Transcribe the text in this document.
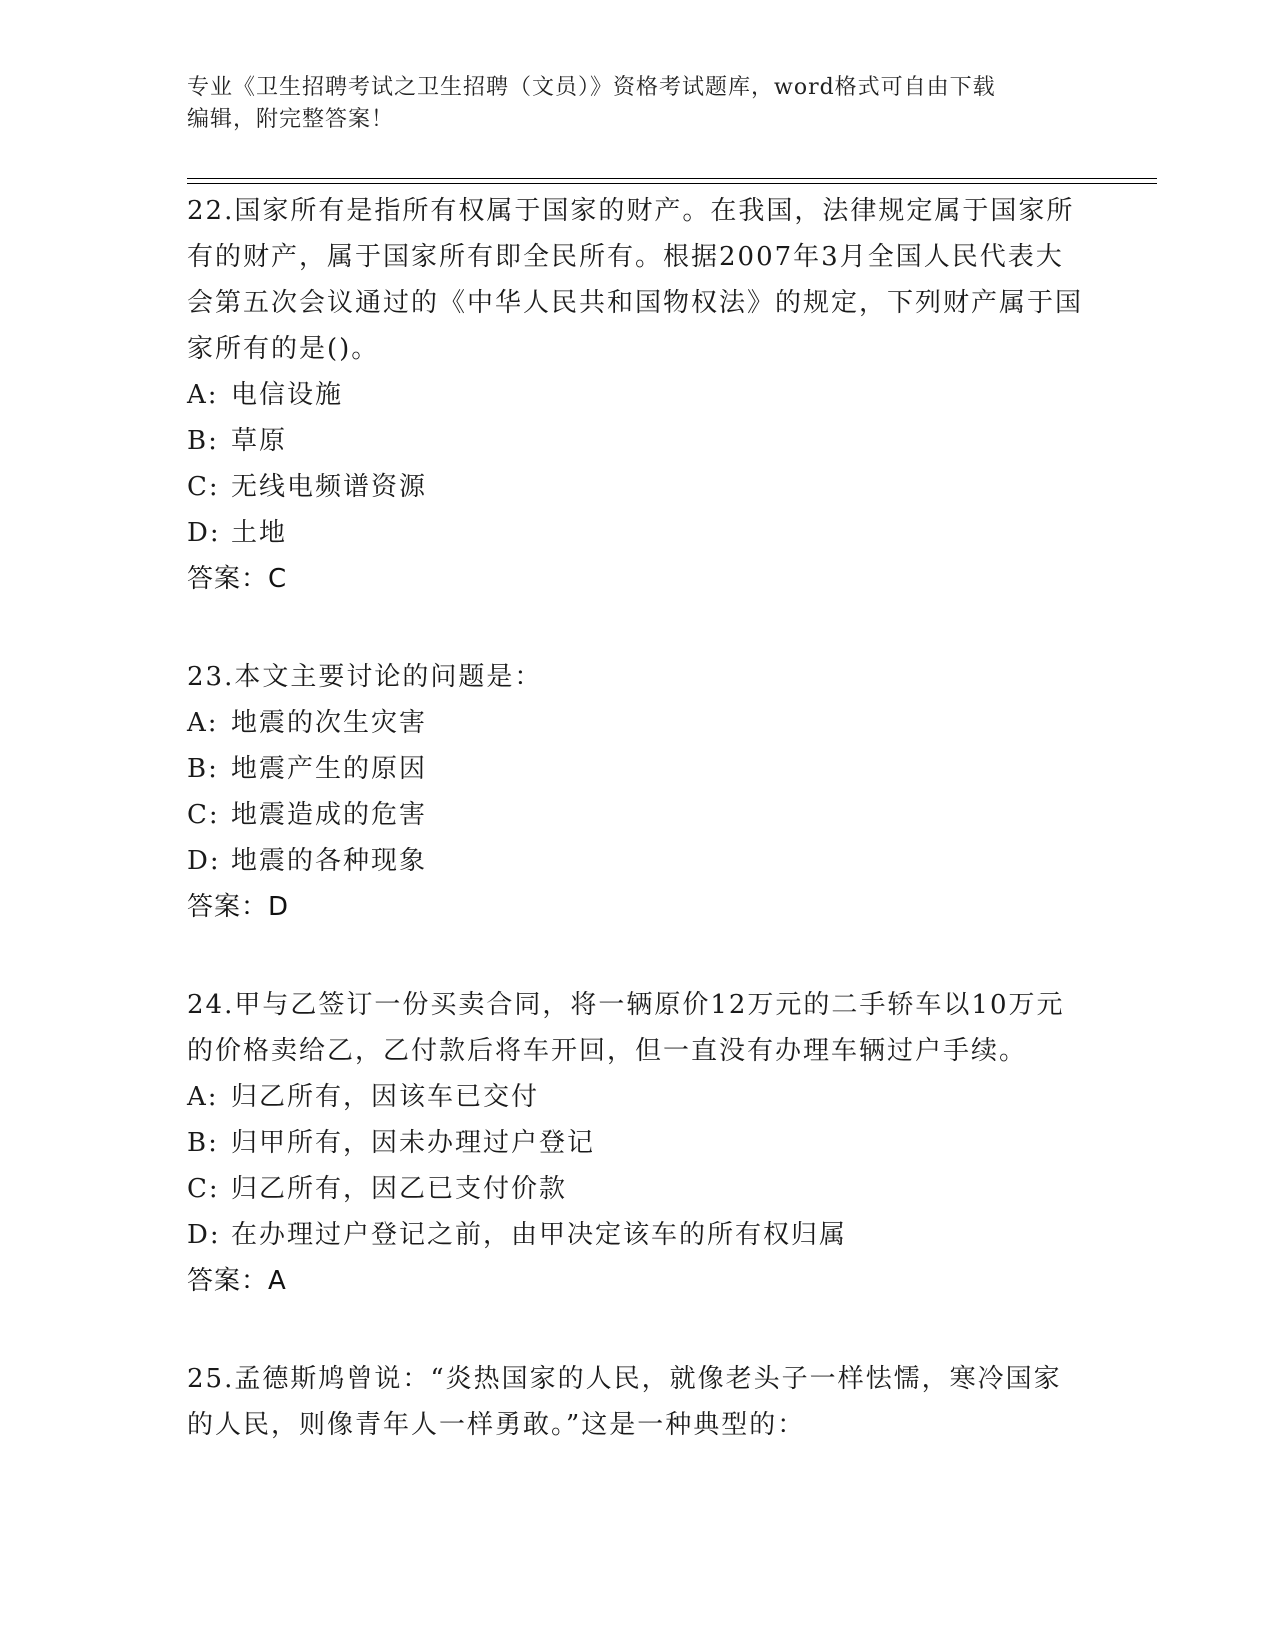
专业《卫生招聘考试之卫生招聘（文员）》资格考试题库，word格式可自由下载
编辑，附完整答案！

22.国家所有是指所有权属于国家的财产。在我国，法律规定属于国家所有的财产，属于国家所有即全民所有。根据2007年3月全国人民代表大会第五次会议通过的《中华人民共和国物权法》的规定，下列财产属于国家所有的是()。

A: 电信设施

B: 草原

C: 无线电频谱资源

D: 土地

答案：C

23.本文主要讨论的问题是：

A: 地震的次生灾害

B: 地震产生的原因

C: 地震造成的危害

D: 地震的各种现象

答案：D

24.甲与乙签订一份买卖合同，将一辆原价12万元的二手轿车以10万元的价格卖给乙，乙付款后将车开回，但一直没有办理车辆过户手续。

A: 归乙所有，因该车已交付

B: 归甲所有，因未办理过户登记

C: 归乙所有，因乙已支付价款

D: 在办理过户登记之前，由甲决定该车的所有权归属

答案：A

25.孟德斯鸠曾说：“炎热国家的人民，就像老头子一样怯懦，寒冷国家的人民，则像青年人一样勇敢。”这是一种典型的：
